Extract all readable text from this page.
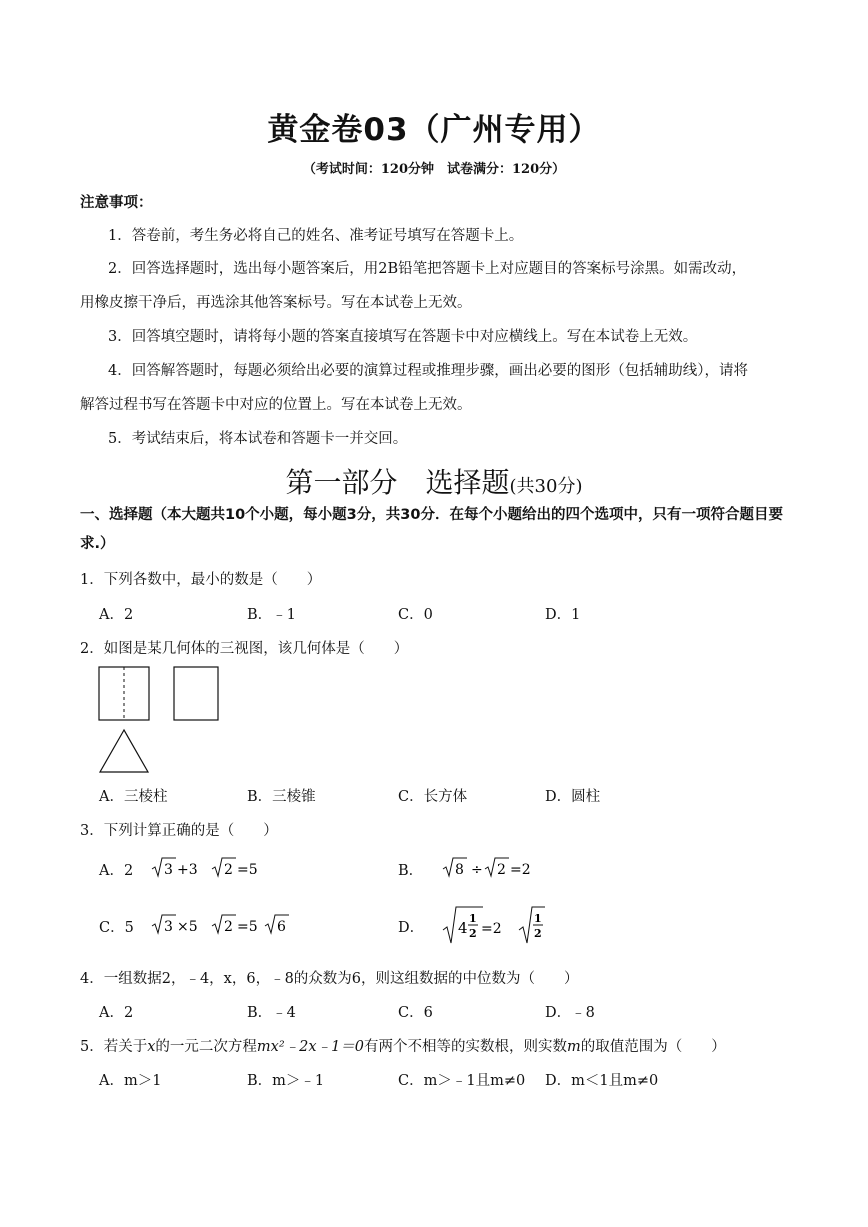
黄金卷03（广州专用）
（考试时间：120分钟　试卷满分：120分）
注意事项：
1．答卷前，考生务必将自己的姓名、准考证号填写在答题卡上。
2．回答选择题时，选出每小题答案后，用2B铅笔把答题卡上对应题目的答案标号涂黑。如需改动，
用橡皮擦干净后，再选涂其他答案标号。写在本试卷上无效。
3．回答填空题时，请将每小题的答案直接填写在答题卡中对应横线上。写在本试卷上无效。
4．回答解答题时，每题必须给出必要的演算过程或推理步骤，画出必要的图形（包括辅助线），请将
解答过程书写在答题卡中对应的位置上。写在本试卷上无效。
5．考试结束后，将本试卷和答题卡一并交回。
第一部分　选择题(共30分)
一、选择题（本大题共10个小题，每小题3分，共30分．在每个小题给出的四个选项中，只有一项符合题目要求.）
1．下列各数中，最小的数是（　　）
A．2	B．﹣1	C．0	D．1
2．如图是某几何体的三视图，该几何体是（　　）
A．三棱柱	B．三棱锥	C．长方体	D．圆柱
3．下列计算正确的是（　　）
A．2 3 +3 2 =5	B． 8 ÷ 2 =2
C．5 3 ×5 2 =5 6	D． 4
1
2 =2
1
2
4．一组数据2，﹣4，x，6，﹣8的众数为6，则这组数据的中位数为（　　）
A．2	B．﹣4	C．6	D．﹣8
5．若关于x的一元二次方程mx²﹣2x﹣1＝0有两个不相等的实数根，则实数m的取值范围为（　　）
A．m＞1	B．m＞﹣1	C．m＞﹣1且m≠0 D．m＜1且m≠0
